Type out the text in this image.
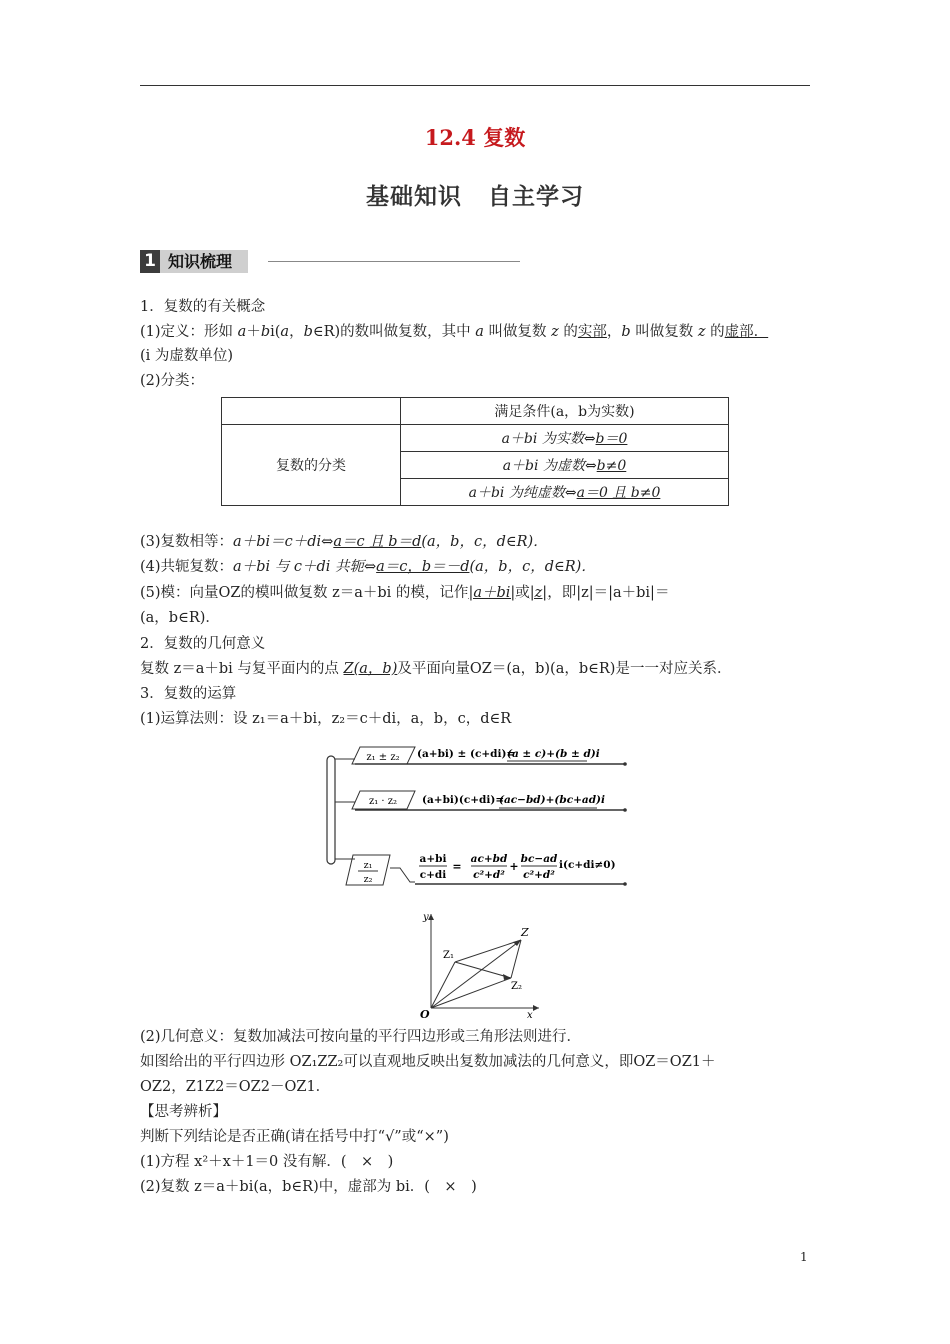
12.4 复数
基础知识 自主学习
1 知识梳理
1．复数的有关概念
(1)定义：形如 a＋bi(a，b∈R)的数叫做复数，其中 a 叫做复数 z 的实部，b 叫做复数 z 的虚部．
(i 为虚数单位)
(2)分类：
	满足条件(a，b为实数)
复数的分类	a＋bi 为实数⇔b＝0
	a＋bi 为虚数⇔b≠0
	a＋bi 为纯虚数⇔a＝0 且 b≠0
(3)复数相等：a＋bi＝c＋di⇔a＝c 且 b＝d(a，b，c，d∈R)．
(4)共轭复数：a＋bi 与 c＋di 共轭⇔a＝c，b＝－d(a，b，c，d∈R)．
(5)模：向量OZ的模叫做复数 z＝a＋bi 的模，记作|a＋bi|或|z|，即|z|＝|a＋bi|＝
(a，b∈R)．
2．复数的几何意义
复数 z＝a＋bi 与复平面内的点 Z(a，b)及平面向量OZ＝(a，b)(a，b∈R)是一一对应关系．
3．复数的运算
(1)运算法则：设 z₁＝a＋bi，z₂＝c＋di，a，b，c，d∈R
z₁ ± z₂ (a+bi) ± (c+di)=
(a ± c)+(b ± d)i
z₁ · z₂ (a+bi)(c+di)=
(ac−bd)+(bc+ad)i
z₁
z₂
a+bi
c+di
=
ac+bd
c²+d²
+
bc−ad
c²+d²
i(c+di≠0)
y
x
O
Z
Z₁
Z₂
(2)几何意义：复数加减法可按向量的平行四边形或三角形法则进行．
如图给出的平行四边形 OZ₁ZZ₂可以直观地反映出复数加减法的几何意义，即OZ＝OZ1＋
OZ2，Z1Z2＝OZ2－OZ1．
【思考辨析】
判断下列结论是否正确(请在括号中打“√”或“×”)
(1)方程 x²＋x＋1＝0 没有解．(　×　)
(2)复数 z＝a＋bi(a，b∈R)中，虚部为 bi．(　×　)
1
